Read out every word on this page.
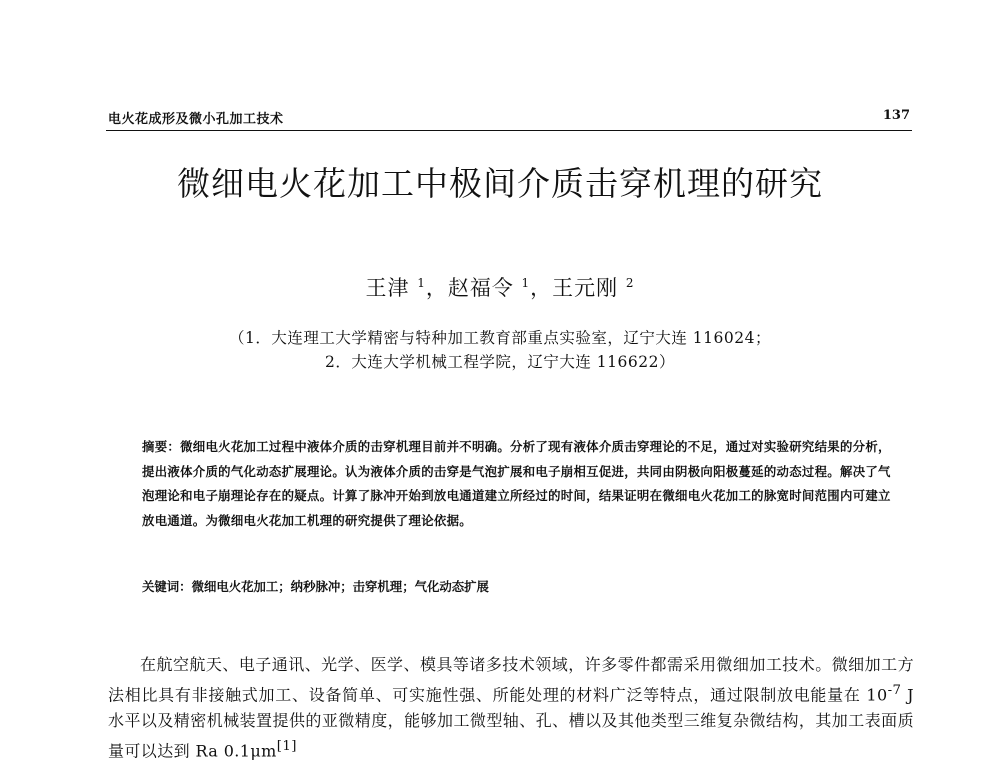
电火花成形及微小孔加工技术	137
微细电火花加工中极间介质击穿机理的研究
王津 $^1$，赵福令 $^1$，王元刚 $^2$
（1．大连理工大学精密与特种加工教育部重点实验室，辽宁大连 116024；
2．大连大学机械工程学院，辽宁大连 116622）
摘要：微细电火花加工过程中液体介质的击穿机理目前并不明确。分析了现有液体介质击穿理论的不足，通过对实验研究结果的分析，提出液体介质的气化动态扩展理论。认为液体介质的击穿是气泡扩展和电子崩相互促进，共同由阴极向阳极蔓延的动态过程。解决了气泡理论和电子崩理论存在的疑点。计算了脉冲开始到放电通道建立所经过的时间，结果证明在微细电火花加工的脉宽时间范围内可建立放电通道。为微细电火花加工机理的研究提供了理论依据。
关键词：微细电火花加工；纳秒脉冲；击穿机理；气化动态扩展

在航空航天、电子通讯、光学、医学、模具等诸多技术领域，许多零件都需采用微细加工技术。微细加工方法相比具有非接触式加工、设备简单、可实施性强、所能处理的材料广泛等特点，通过限制放电能量在 $10^{-7}$ J 水平以及精密机械装置提供的亚微精度，能够加工微型轴、孔、槽以及其他类型三维复杂微结构，其加工表面质量可以达到 Ra 0.1μm[1]
